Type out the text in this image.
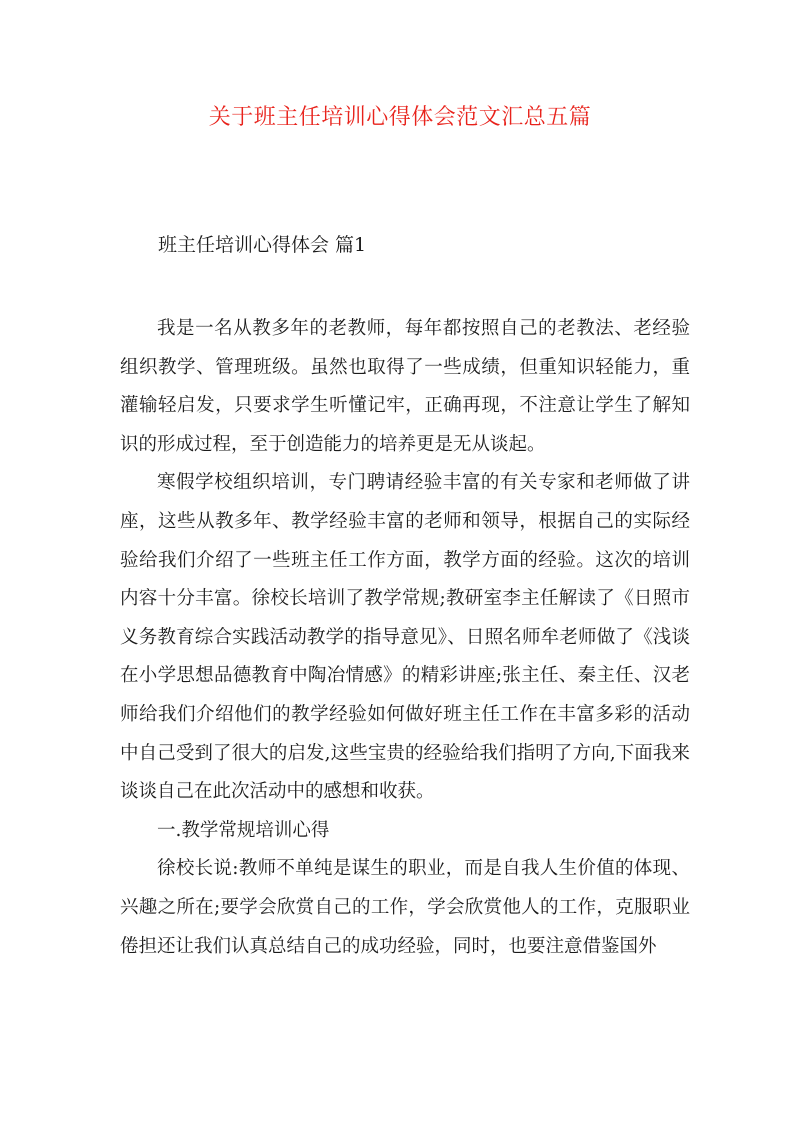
关于班主任培训心得体会范文汇总五篇
班主任培训心得体会 篇1

我是一名从教多年的老教师，每年都按照自己的老教法、老经验组织教学、管理班级。虽然也取得了一些成绩，但重知识轻能力，重灌输轻启发，只要求学生听懂记牢，正确再现，不注意让学生了解知识的形成过程，至于创造能力的培养更是无从谈起。

寒假学校组织培训，专门聘请经验丰富的有关专家和老师做了讲座，这些从教多年、教学经验丰富的老师和领导，根据自己的实际经验给我们介绍了一些班主任工作方面，教学方面的经验。这次的培训内容十分丰富。徐校长培训了教学常规;教研室李主任解读了《日照市义务教育综合实践活动教学的指导意见》、日照名师牟老师做了《浅谈在小学思想品德教育中陶冶情感》的精彩讲座;张主任、秦主任、汉老师给我们介绍他们的教学经验如何做好班主任工作在丰富多彩的活动中自己受到了很大的启发,这些宝贵的经验给我们指明了方向,下面我来谈谈自己在此次活动中的感想和收获。

一.教学常规培训心得

徐校长说:教师不单纯是谋生的职业，而是自我人生价值的体现、兴趣之所在;要学会欣赏自己的工作，学会欣赏他人的工作，克服职业倦担还让我们认真总结自己的成功经验，同时，也要注意借鉴国外
